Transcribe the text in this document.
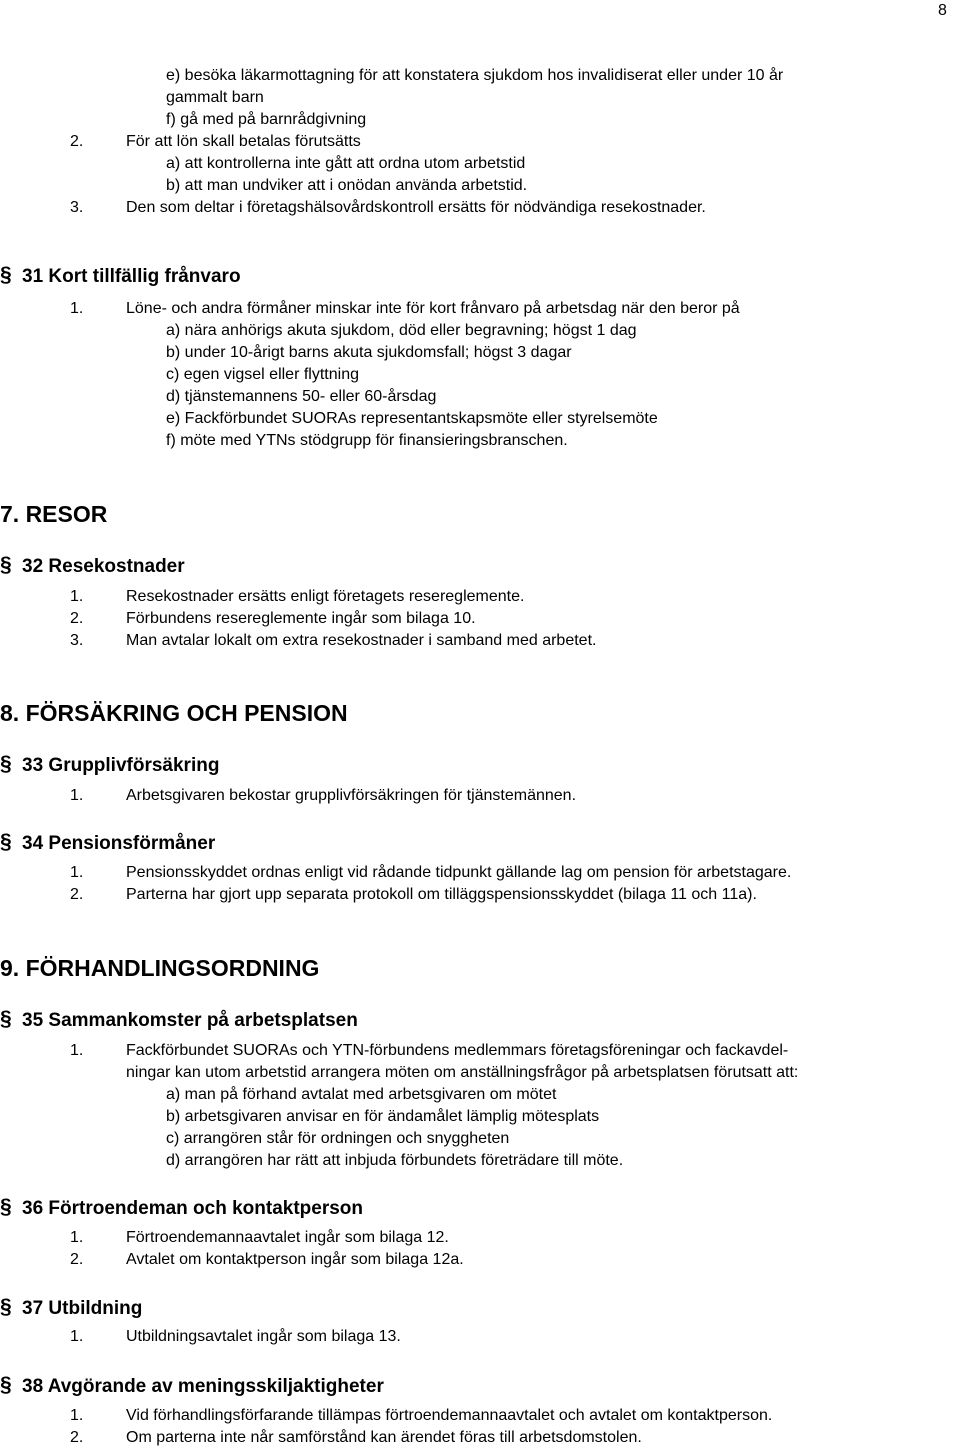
8
e) besöka läkarmottagning för att konstatera sjukdom hos invalidiserat eller under 10 år
gammalt barn
f) gå med på barnrådgivning
2.	För att lön skall betalas förutsätts
a) att kontrollerna inte gått att ordna utom arbetstid
b) att man undviker att i onödan använda arbetstid.
3.	Den som deltar i företagshälsovårdskontroll ersätts för nödvändiga resekostnader.
§ 31 Kort tillfällig frånvaro
1.	Löne- och andra förmåner minskar inte för kort frånvaro på arbetsdag när den beror på
a) nära anhörigs akuta sjukdom, död eller begravning; högst 1 dag
b) under 10-årigt barns akuta sjukdomsfall; högst 3 dagar
c) egen vigsel eller flyttning
d) tjänstemannens 50- eller 60-årsdag
e) Fackförbundet SUORAs representantskapsmöte eller styrelsemöte
f) möte med YTNs stödgrupp för finansieringsbranschen.
7. RESOR
§ 32 Resekostnader
1.	Resekostnader ersätts enligt företagets resereglemente.
2.	Förbundens resereglemente ingår som bilaga 10.
3.	Man avtalar lokalt om extra resekostnader i samband med arbetet.
8. FÖRSÄKRING OCH PENSION
§ 33 Grupplivförsäkring
1.	Arbetsgivaren bekostar grupplivförsäkringen för tjänstemännen.
§ 34 Pensionsförmåner
1.	Pensionsskyddet ordnas enligt vid rådande tidpunkt gällande lag om pension för arbetstagare.
2.	Parterna har gjort upp separata protokoll om tilläggspensionsskyddet (bilaga 11 och 11a).
9. FÖRHANDLINGSORDNING
§ 35 Sammankomster på arbetsplatsen
1.	Fackförbundet SUORAs och YTN-förbundens medlemmars företagsföreningar och fackavdel-
ningar kan utom arbetstid arrangera möten om anställningsfrågor på arbetsplatsen förutsatt att:
a) man på förhand avtalat med arbetsgivaren om mötet
b) arbetsgivaren anvisar en för ändamålet lämplig mötesplats
c) arrangören står för ordningen och snyggheten
d) arrangören har rätt att inbjuda förbundets företrädare till möte.
§ 36 Förtroendeman och kontaktperson
1.	Förtroendemannaavtalet ingår som bilaga 12.
2.	Avtalet om kontaktperson ingår som bilaga 12a.
§ 37 Utbildning
1.	Utbildningsavtalet ingår som bilaga 13.
§ 38 Avgörande av meningsskiljaktigheter
1.	Vid förhandlingsförfarande tillämpas förtroendemannaavtalet och avtalet om kontaktperson.
2.	Om parterna inte når samförstånd kan ärendet föras till arbetsdomstolen.
